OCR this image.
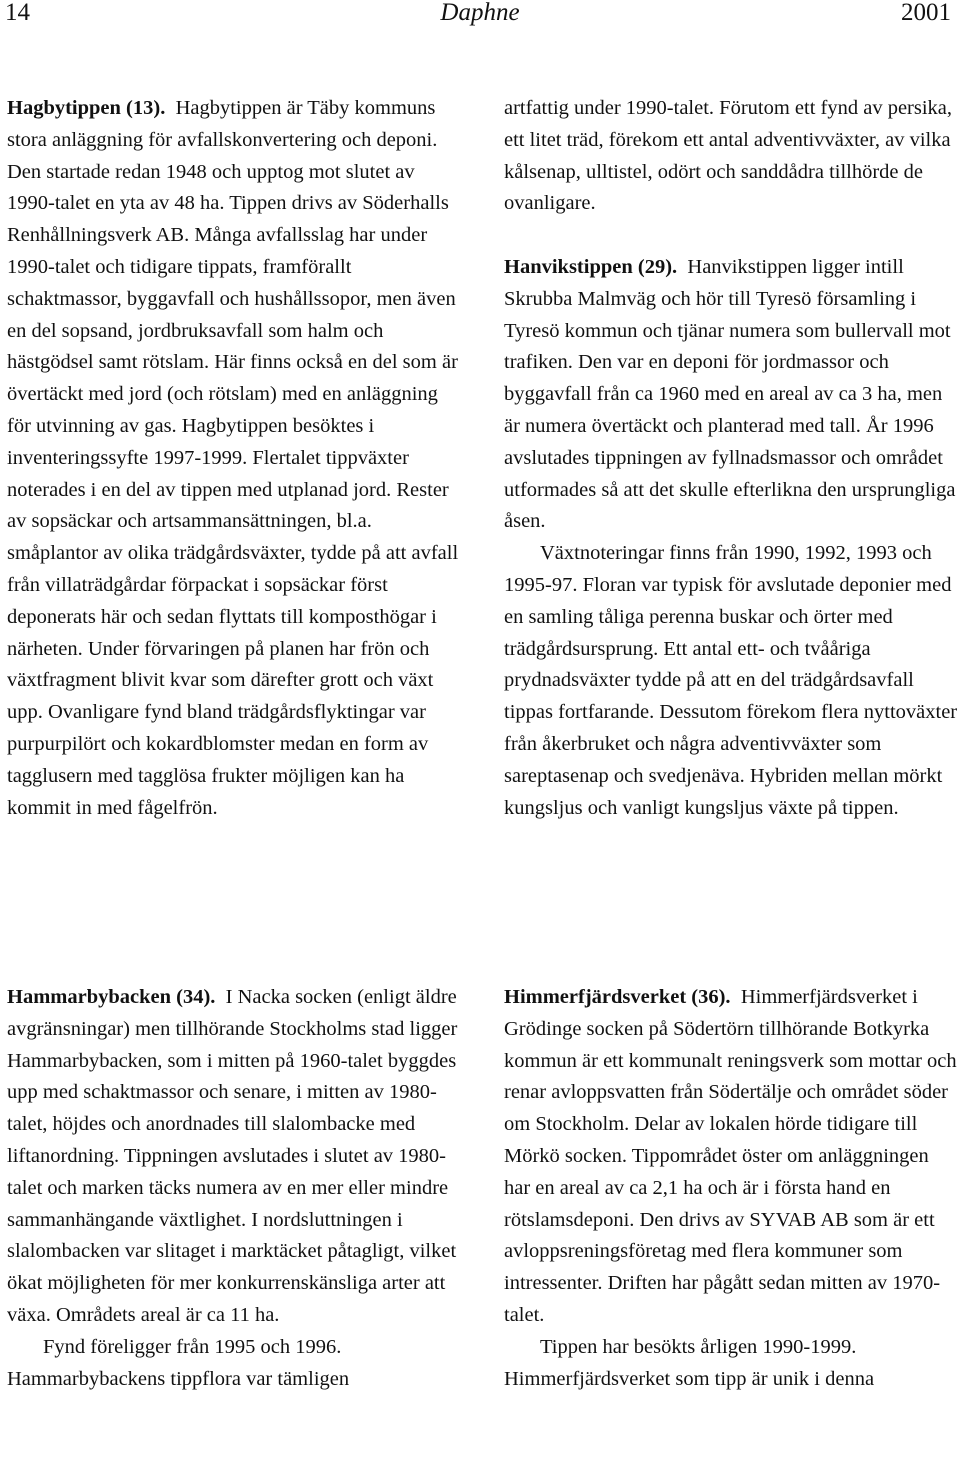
14	Daphne	2001

Hagbytippen (13). Hagbytippen är Täby kommuns stora anläggning för avfallskonvertering och deponi. Den startade redan 1948 och upptog mot slutet av 1990-talet en yta av 48 ha. Tippen drivs av Söderhalls Renhållningsverk AB. Många avfallsslag har under 1990-talet och tidigare tippats, framförallt schaktmassor, byggavfall och hushållssopor, men även en del sopsand, jordbruksavfall som halm och hästgödsel samt rötslam. Här finns också en del som är övertäckt med jord (och rötslam) med en anläggning för utvinning av gas. Hagbytippen besöktes i inventeringssyfte 1997-1999. Flertalet tippväxter noterades i en del av tippen med utplanad jord. Rester av sopsäckar och artsammansättningen, bl.a. småplantor av olika trädgårdsväxter, tydde på att avfall från villaträdgårdar förpackat i sopsäckar först deponerats här och sedan flyttats till komposthögar i närheten. Under förvaringen på planen har frön och växtfragment blivit kvar som därefter grott och växt upp. Ovanligare fynd bland trädgårdsflyktingar var purpurpilört och kokardblomster medan en form av tagglusern med tagglösa frukter möjligen kan ha kommit in med fågelfrön.

artfattig under 1990-talet. Förutom ett fynd av persika, ett litet träd, förekom ett antal adventivväxter, av vilka kålsenap, ulltistel, odört och sanddådra tillhörde de ovanligare.

Hanvikstippen (29). Hanvikstippen ligger intill Skrubba Malmväg och hör till Tyresö församling i Tyresö kommun och tjänar numera som bullervall mot trafiken. Den var en deponi för jordmassor och byggavfall från ca 1960 med en areal av ca 3 ha, men är numera övertäckt och planterad med tall. År 1996 avslutades tippningen av fyllnadsmassor och området utformades så att det skulle efterlikna den ursprungliga åsen.

Växtnoteringar finns från 1990, 1992, 1993 och 1995-97. Floran var typisk för avslutade deponier med en samling tåliga perenna buskar och örter med trädgårdsursprung. Ett antal ett- och tvååriga prydnadsväxter tydde på att en del trädgårdsavfall tippas fortfarande. Dessutom förekom flera nyttoväxter från åkerbruket och några adventivväxter som sareptasenap och svedjenäva. Hybriden mellan mörkt kungsljus och vanligt kungsljus växte på tippen.

Hammarbybacken (34). I Nacka socken (enligt äldre avgränsningar) men tillhörande Stockholms stad ligger Hammarbybacken, som i mitten på 1960-talet byggdes upp med schaktmassor och senare, i mitten av 1980-talet, höjdes och anordnades till slalombacke med liftanordning. Tippningen avslutades i slutet av 1980-talet och marken täcks numera av en mer eller mindre sammanhängande växtlighet. I nordsluttningen i slalombacken var slitaget i marktäcket påtagligt, vilket ökat möjligheten för mer konkurrenskänsliga arter att växa. Områdets areal är ca 11 ha.

Fynd föreligger från 1995 och 1996. Hammarbybackens tippflora var tämligen

Himmerfjärdsverket (36). Himmerfjärdsverket i Grödinge socken på Södertörn tillhörande Botkyrka kommun är ett kommunalt reningsverk som mottar och renar avloppsvatten från Södertälje och området söder om Stockholm. Delar av lokalen hörde tidigare till Mörkö socken. Tippområdet öster om anläggningen har en areal av ca 2,1 ha och är i första hand en rötslamsdeponi. Den drivs av SYVAB AB som är ett avloppsreningsföretag med flera kommuner som intressenter. Driften har pågått sedan mitten av 1970-talet.

Tippen har besökts årligen 1990-1999. Himmerfjärdsverket som tipp är unik i denna
